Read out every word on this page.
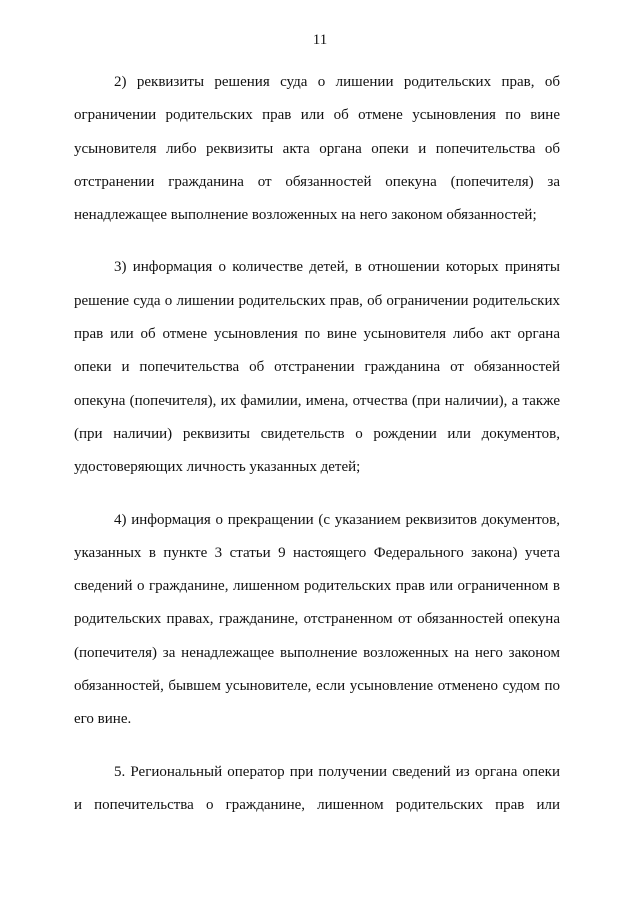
11

2) реквизиты решения суда о лишении родительских прав, об ограничении родительских прав или об отмене усыновления по вине усыновителя либо реквизиты акта органа опеки и попечительства об отстранении гражданина от обязанностей опекуна (попечителя) за ненадлежащее выполнение возложенных на него законом обязанностей;

3) информация о количестве детей, в отношении которых приняты решение суда о лишении родительских прав, об ограничении родительских прав или об отмене усыновления по вине усыновителя либо акт органа опеки и попечительства об отстранении гражданина от обязанностей опекуна (попечителя), их фамилии, имена, отчества (при наличии), а также (при наличии) реквизиты свидетельств о рождении или документов, удостоверяющих личность указанных детей;

4) информация о прекращении (с указанием реквизитов документов, указанных в пункте 3 статьи 9 настоящего Федерального закона) учета сведений о гражданине, лишенном родительских прав или ограниченном в родительских правах, гражданине, отстраненном от обязанностей опекуна (попечителя) за ненадлежащее выполнение возложенных на него законом обязанностей, бывшем усыновителе, если усыновление отменено судом по его вине.

5. Региональный оператор при получении сведений из органа опеки и попечительства о гражданине, лишенном родительских прав или
